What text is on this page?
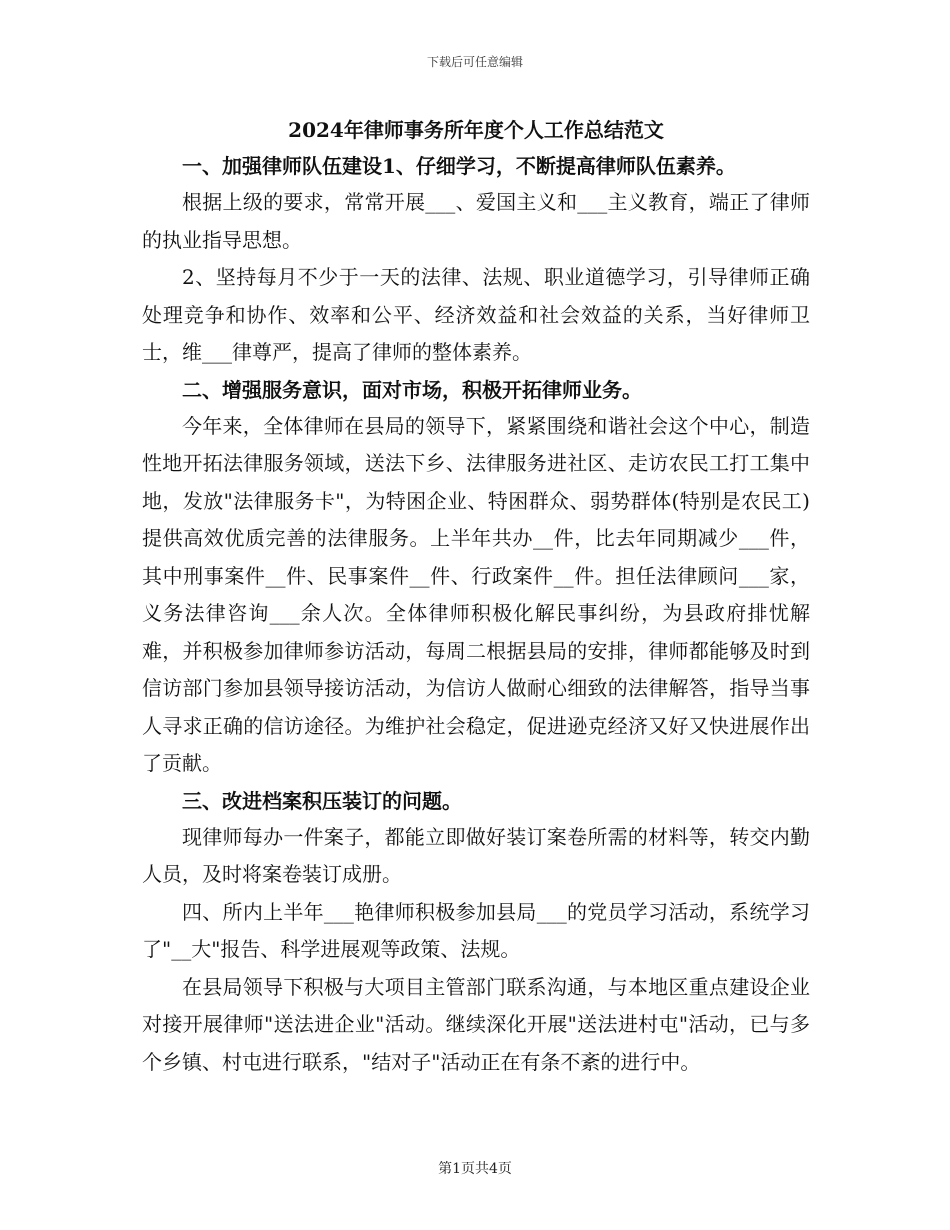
下载后可任意编辑
2024年律师事务所年度个人工作总结范文

一、加强律师队伍建设1、仔细学习，不断提高律师队伍素养。

根据上级的要求，常常开展___、爱国主义和___主义教育，端正了律师的执业指导思想。

2、坚持每月不少于一天的法律、法规、职业道德学习，引导律师正确处理竞争和协作、效率和公平、经济效益和社会效益的关系，当好律师卫士，维___律尊严，提高了律师的整体素养。

二、增强服务意识，面对市场，积极开拓律师业务。

今年来，全体律师在县局的领导下，紧紧围绕和谐社会这个中心，制造性地开拓法律服务领域，送法下乡、法律服务进社区、走访农民工打工集中地，发放"法律服务卡"，为特困企业、特困群众、弱势群体(特别是农民工)提供高效优质完善的法律服务。上半年共办__件，比去年同期减少___件，其中刑事案件__件、民事案件__件、行政案件__件。担任法律顾问___家，义务法律咨询___余人次。全体律师积极化解民事纠纷，为县政府排忧解难，并积极参加律师参访活动，每周二根据县局的安排，律师都能够及时到信访部门参加县领导接访活动，为信访人做耐心细致的法律解答，指导当事人寻求正确的信访途径。为维护社会稳定，促进逊克经济又好又快进展作出了贡献。

三、改进档案积压装订的问题。

现律师每办一件案子，都能立即做好装订案卷所需的材料等，转交内勤人员，及时将案卷装订成册。

四、所内上半年___艳律师积极参加县局___的党员学习活动，系统学习了"__大"报告、科学进展观等政策、法规。

在县局领导下积极与大项目主管部门联系沟通，与本地区重点建设企业对接开展律师"送法进企业"活动。继续深化开展"送法进村屯"活动，已与多个乡镇、村屯进行联系，"结对子"活动正在有条不紊的进行中。

第1页共4页
